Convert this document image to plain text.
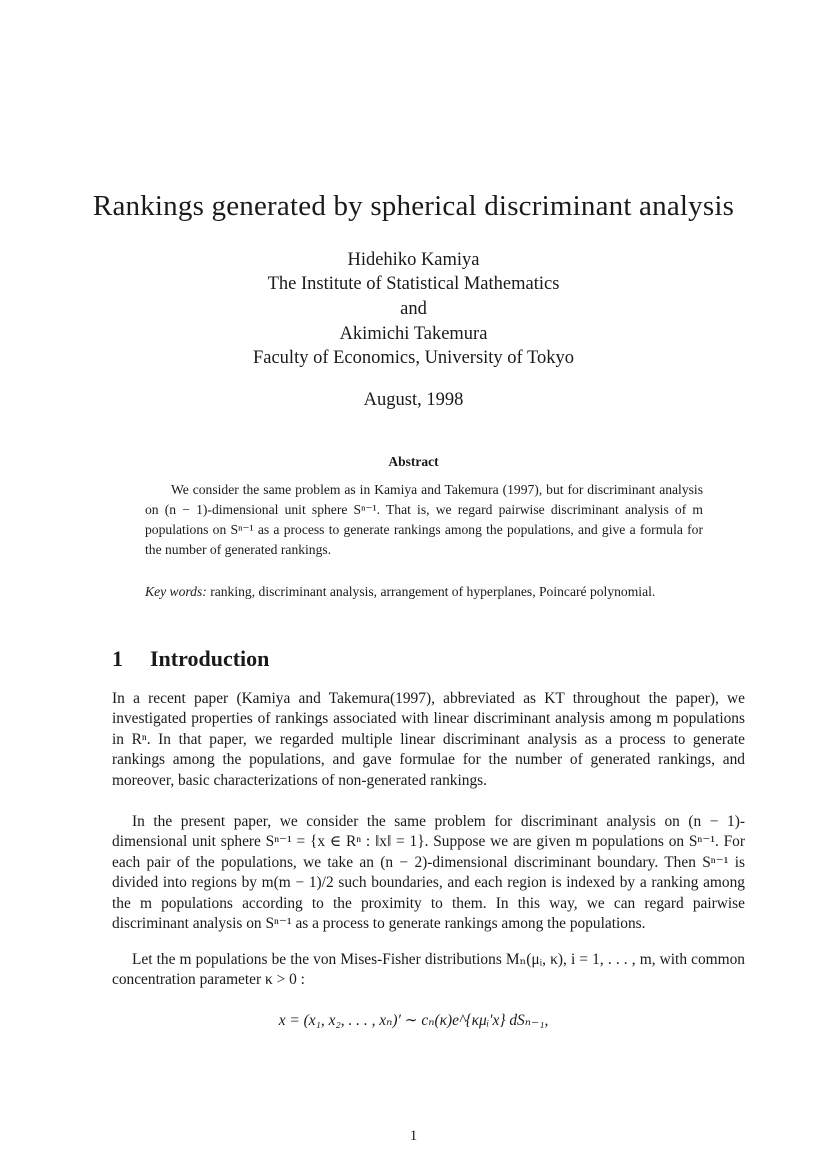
Rankings generated by spherical discriminant analysis
Hidehiko Kamiya
The Institute of Statistical Mathematics
and
Akimichi Takemura
Faculty of Economics, University of Tokyo
August, 1998
Abstract
We consider the same problem as in Kamiya and Takemura (1997), but for discriminant analysis on (n − 1)-dimensional unit sphere Sⁿ⁻¹. That is, we regard pairwise discriminant analysis of m populations on Sⁿ⁻¹ as a process to generate rankings among the populations, and give a formula for the number of generated rankings.
Key words: ranking, discriminant analysis, arrangement of hyperplanes, Poincaré polynomial.
1 Introduction
In a recent paper (Kamiya and Takemura(1997), abbreviated as KT throughout the paper), we investigated properties of rankings associated with linear discriminant analysis among m populations in Rⁿ. In that paper, we regarded multiple linear discriminant analysis as a process to generate rankings among the populations, and gave formulae for the number of generated rankings, and moreover, basic characterizations of non-generated rankings.
In the present paper, we consider the same problem for discriminant analysis on (n − 1)-dimensional unit sphere Sⁿ⁻¹ = {x ∈ Rⁿ : ‖x‖ = 1}. Suppose we are given m populations on Sⁿ⁻¹. For each pair of the populations, we take an (n − 2)-dimensional discriminant boundary. Then Sⁿ⁻¹ is divided into regions by m(m − 1)/2 such boundaries, and each region is indexed by a ranking among the m populations according to the proximity to them. In this way, we can regard pairwise discriminant analysis on Sⁿ⁻¹ as a process to generate rankings among the populations.
Let the m populations be the von Mises-Fisher distributions Mₙ(μᵢ, κ), i = 1, . . . , m, with common concentration parameter κ > 0 :
x = (x₁, x₂, . . . , xₙ)′ ∼ cₙ(κ)e^{κμᵢ′x} dSₙ₋₁,
1
